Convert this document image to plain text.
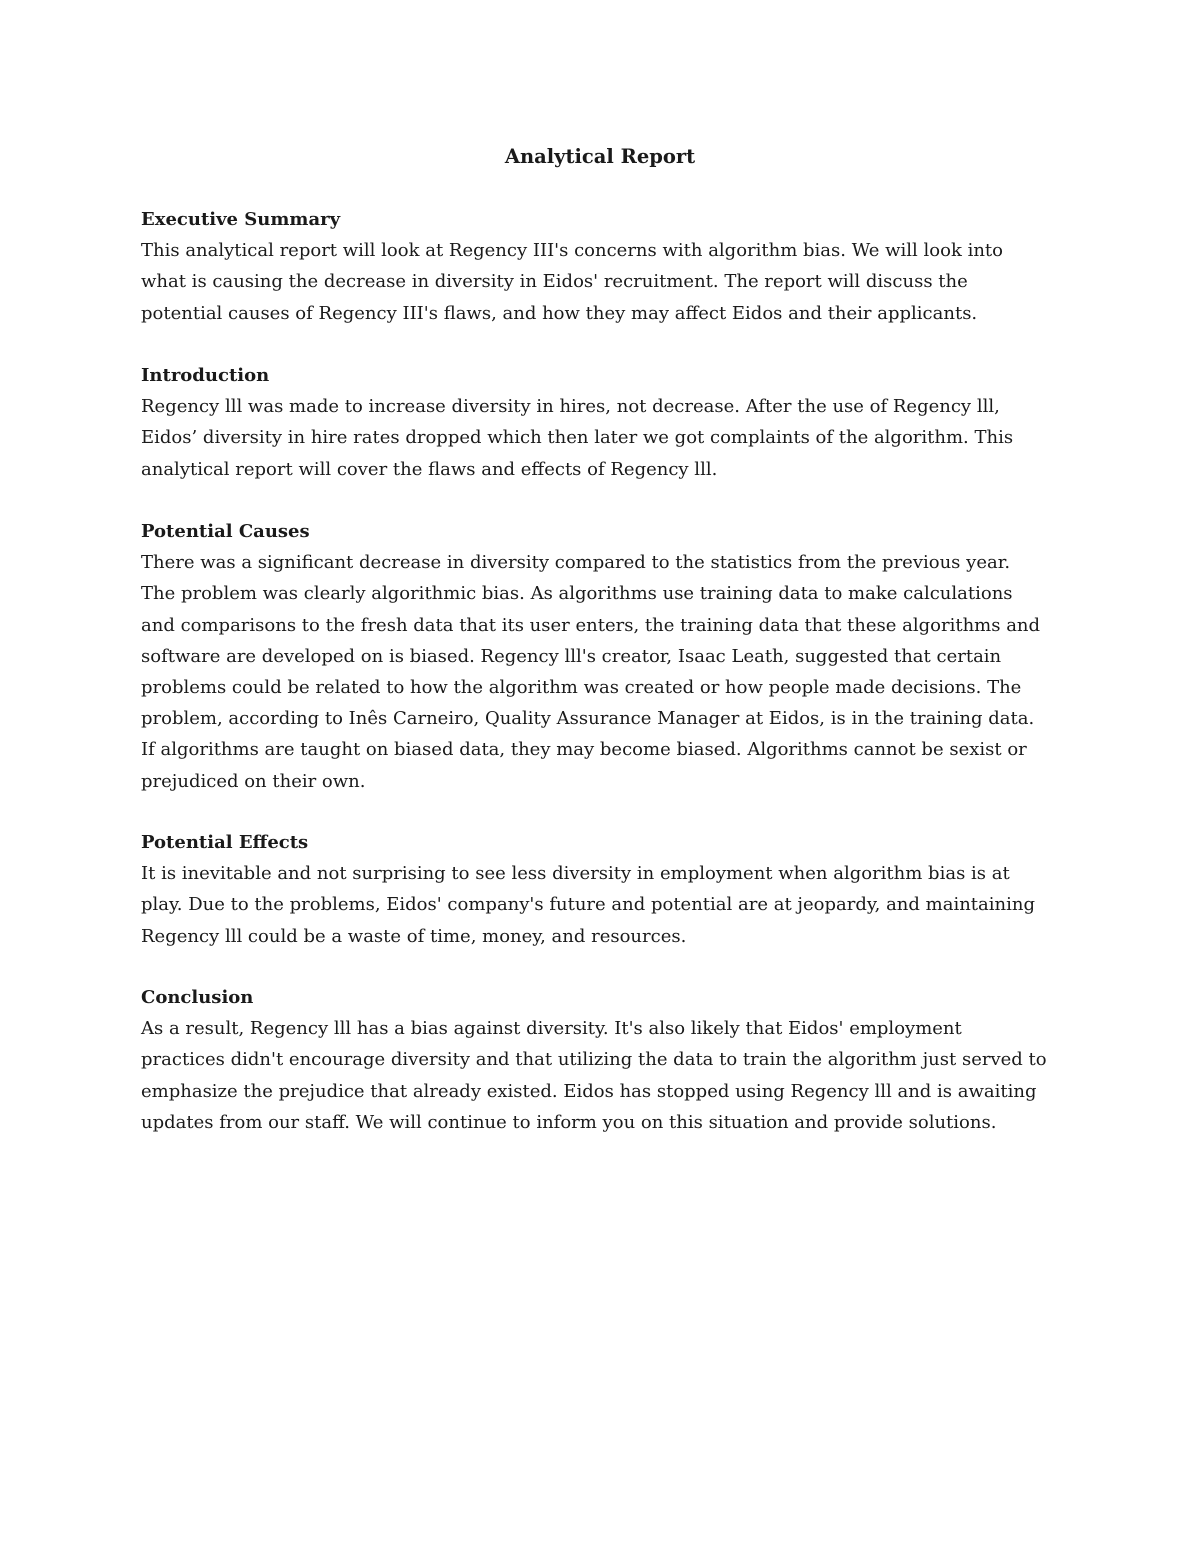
Analytical Report

Executive Summary

This analytical report will look at Regency III's concerns with algorithm bias. We will look into
what is causing the decrease in diversity in Eidos' recruitment. The report will discuss the
potential causes of Regency III's flaws, and how they may affect Eidos and their applicants.

Introduction

Regency lll was made to increase diversity in hires, not decrease. After the use of Regency lll,
Eidos’ diversity in hire rates dropped which then later we got complaints of the algorithm. This
analytical report will cover the flaws and effects of Regency lll.

Potential Causes

There was a significant decrease in diversity compared to the statistics from the previous year.
The problem was clearly algorithmic bias. As algorithms use training data to make calculations
and comparisons to the fresh data that its user enters, the training data that these algorithms and
software are developed on is biased. Regency lll's creator, Isaac Leath, suggested that certain
problems could be related to how the algorithm was created or how people made decisions. The
problem, according to Inês Carneiro, Quality Assurance Manager at Eidos, is in the training data.
If algorithms are taught on biased data, they may become biased. Algorithms cannot be sexist or
prejudiced on their own.

Potential Effects

It is inevitable and not surprising to see less diversity in employment when algorithm bias is at
play. Due to the problems, Eidos' company's future and potential are at jeopardy, and maintaining
Regency lll could be a waste of time, money, and resources.

Conclusion

As a result, Regency lll has a bias against diversity. It's also likely that Eidos' employment
practices didn't encourage diversity and that utilizing the data to train the algorithm just served to
emphasize the prejudice that already existed. Eidos has stopped using Regency lll and is awaiting
updates from our staff. We will continue to inform you on this situation and provide solutions.
